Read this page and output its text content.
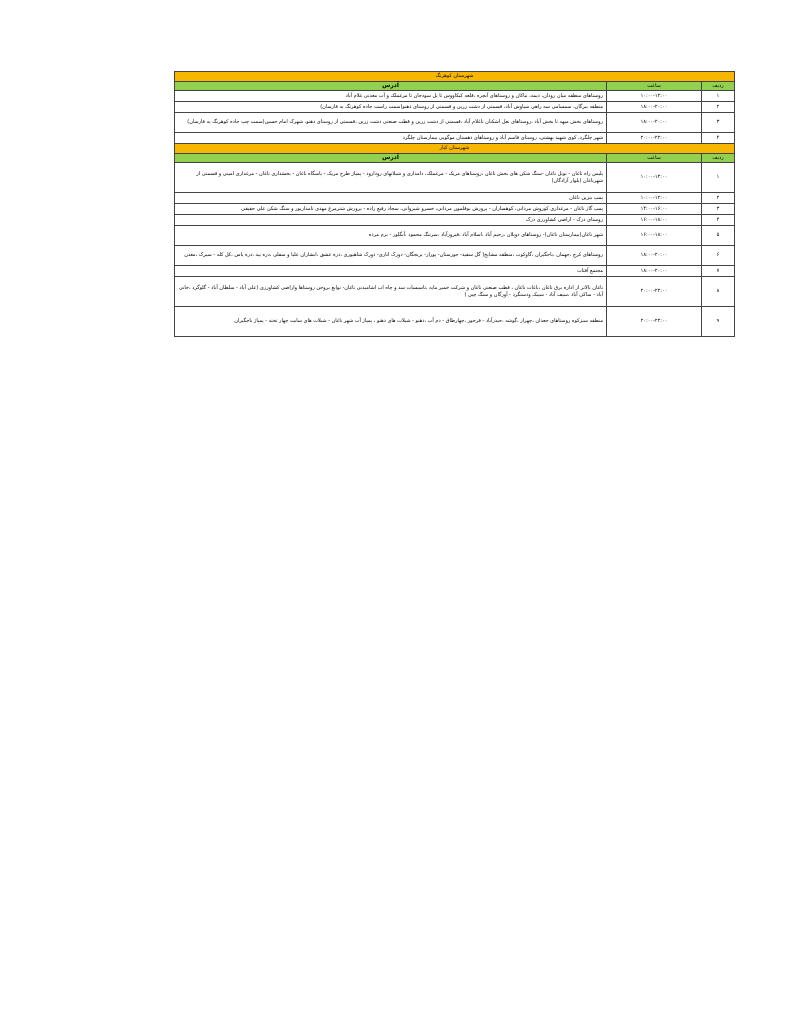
شهرستان کوهرنگ		
ردیف	ساعت	آدرس
۱	۱۰:۰۰-۱۲:۰۰	روستاهای منطقه میان روذان، دیمه، نیاکان و روستاهای آبچره ،قلعه کیکاووس تا پل سودجان تا مزغملک و آب معدنی غلام آباد
۲	۱۸:۰۰-۲۰:۰۰	منطقه بیرگان، سمسامی سه راهی سیاوش آباد، قسمتی از دشت زرین و قسمتی از روستای دهنو(سمت راست جاده کوهرنگ به فارسان)
۳	۱۸:۰۰-۲۰:۰۰	روستاهای بخش میهه تا بخش آباد ،روستاهای نعل اشکنان تاغلام آباد ،قسمتی از دشت زرین و قطب صنعتی دشت زرین ،قسمتی از روستای دهنو، شهرک امام حسین(سمت چپ جاده کوهرنگ به فارسان)
۴	۲۰:۰۰-۲۲:۰۰	شهر چلگرد، کوی شهید بهشتی، روستای قاسم آباد و روستاهای دهستان موگویی بیمارستان چلگرد
شهرستان کیار		
ردیف	ساعت	آدرس
۱	۱۰:۰۰-۱۲:۰۰	پلیس راه ناغان - تونل ناغان -سنگ شکن های بخش ناغان ،روستاهای مریک - مرغملک، دامداری و شیلاتهای رودارود - پمپاژ طرح مریک - پاسگاه ناغان - بخشداری ناغان - مرغداری امینی و قسمتی از شهرناغان (بلوار آزادگان)
۲	۱۰:۰۰-۱۲:۰۰	پمپ بنزین ناغان
۳	۱۴:۰۰-۱۶:۰۰	پمپ گاز ناغان - مرغداری کوروش مردانی، کوهساران - پرورش بوقلمون مردانی، خسرو شیروانی، سجاد رفیع زاده - پرورش شترمرغ مهدی نامداریور و سنگ شکن علی حقیقی
۴	۱۶:۰۰-۱۸:۰۰	روستای دزک - اراضی کشاورزی دزک
۵	۱۶:۰۰-۱۸:۰۰	شهر ناغان(بیمارستان ناغان)- روستاهای دوپلان ،رحیم آباد ،اسلام آباد ،فیروزآباد ،سرتنگ محمود ،آبگلور - برم مرده
۶	۱۸:۰۰-۲۰:۰۰	روستاهای کرچ ،جهمان ،باجگیران ،گاوکوب ،منطقه مشایخ( گل سفید- جوزستان- پوراز- برنجگان- دورک اناری- دورک شاهپوری ،دره عشق ،ابشاران علیا و سفلی ،دره بید ،دره یاس ،کل کله - سیرک ،معدن
۷	۱۸:۰۰-۲۰:۰۰	مجتمع آفتاب
۸	۲۰:۰۰-۲۲:۰۰	ناغان بالاتر از اداره برق ناغان ،باغات ناغان ، قطب صنعتی ناغان و شرکت خمیر مایه ،تاسیسات سد و چاه اب اشامیدنی ناغان- توابع بروجن روستاها واراضی کشاورزی (علی آباد - سلطان آباد - گلوگرد ،خانی آباد - ساکی آباد ،سیف آباد - سیبک ودستگرد - آورگان و سنگ چین )
۹	۲۰:۰۰-۲۲:۰۰	منطقه سبزکوه روستاهای جعدان ،چهراز ،گوشه ،حیدرآباد - فرحور ،چهارطاق - دم آب ،دهنو - شیلات های دهنو ، پمپاژ آب شهر ناغان - شیلات های سایت چهار تخته - پمپاژ باجگیران
